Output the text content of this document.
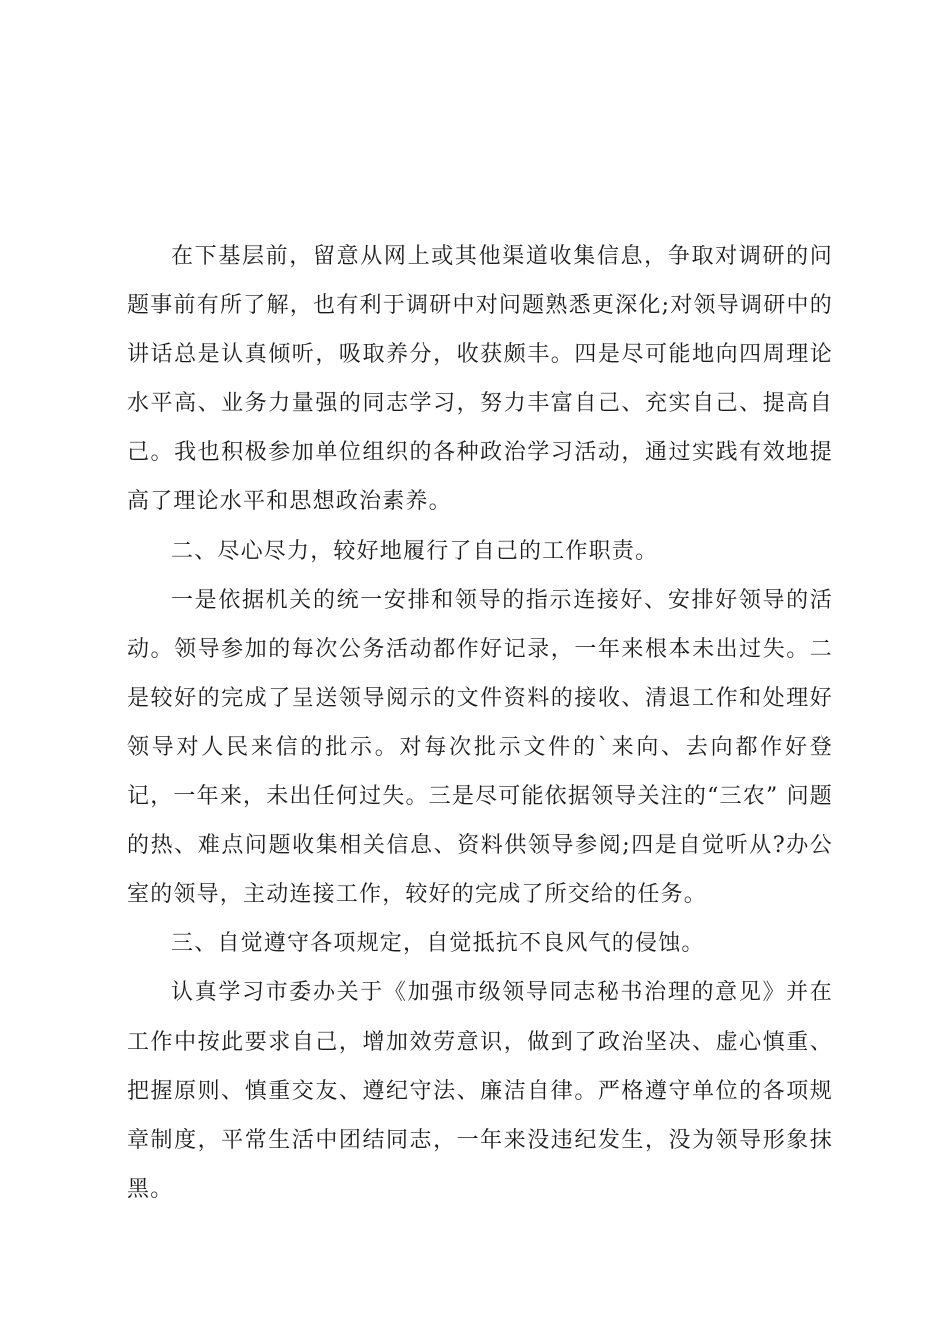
在下基层前，留意从网上或其他渠道收集信息，争取对调研的问题事前有所了解，也有利于调研中对问题熟悉更深化;对领导调研中的讲话总是认真倾听，吸取养分，收获颇丰。四是尽可能地向四周理论水平高、业务力量强的同志学习，努力丰富自己、充实自己、提高自己。我也积极参加单位组织的各种政治学习活动，通过实践有效地提高了理论水平和思想政治素养。

二、尽心尽力，较好地履行了自己的工作职责。

一是依据机关的统一安排和领导的指示连接好、安排好领导的活动。领导参加的每次公务活动都作好记录，一年来根本未出过失。二是较好的完成了呈送领导阅示的文件资料的接收、清退工作和处理好领导对人民来信的批示。对每次批示文件的`来向、去向都作好登记，一年来，未出任何过失。三是尽可能依据领导关注的“三农” 问题的热、难点问题收集相关信息、资料供领导参阅;四是自觉听从?办公室的领导，主动连接工作，较好的完成了所交给的任务。

三、自觉遵守各项规定，自觉抵抗不良风气的侵蚀。

认真学习市委办关于《加强市级领导同志秘书治理的意见》并在工作中按此要求自己，增加效劳意识，做到了政治坚决、虚心慎重、把握原则、慎重交友、遵纪守法、廉洁自律。严格遵守单位的各项规章制度，平常生活中团结同志，一年来没违纪发生，没为领导形象抹黑。
